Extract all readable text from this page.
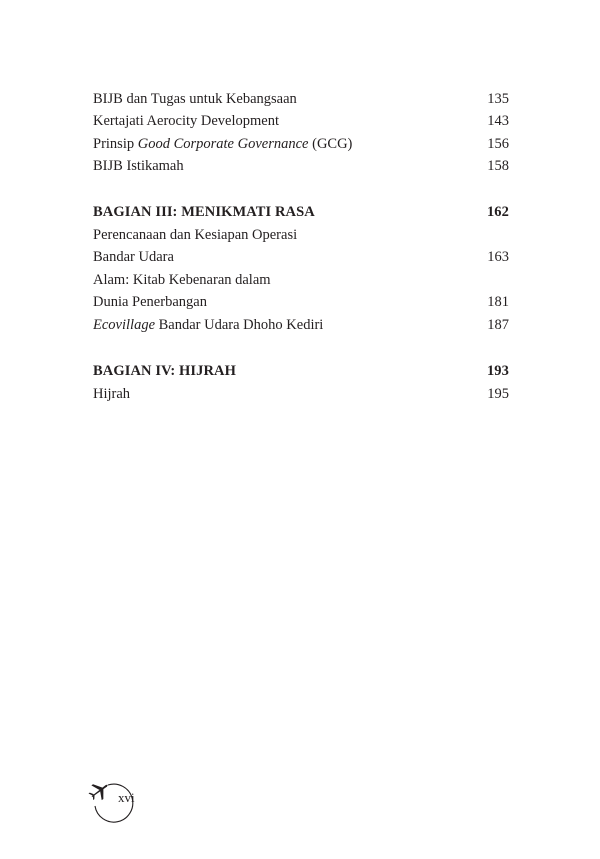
BIJB dan Tugas untuk Kebangsaan	135
Kertajati Aerocity Development	143
Prinsip Good Corporate Governance (GCG)	156
BIJB Istikamah	158
BAGIAN III: MENIKMATI RASA	162
Perencanaan dan Kesiapan Operasi
Bandar Udara	163
Alam: Kitab Kebenaran dalam
Dunia Penerbangan	181
Ecovillage Bandar Udara Dhoho Kediri	187
BAGIAN IV: HIJRAH	193
Hijrah	195
xvi
